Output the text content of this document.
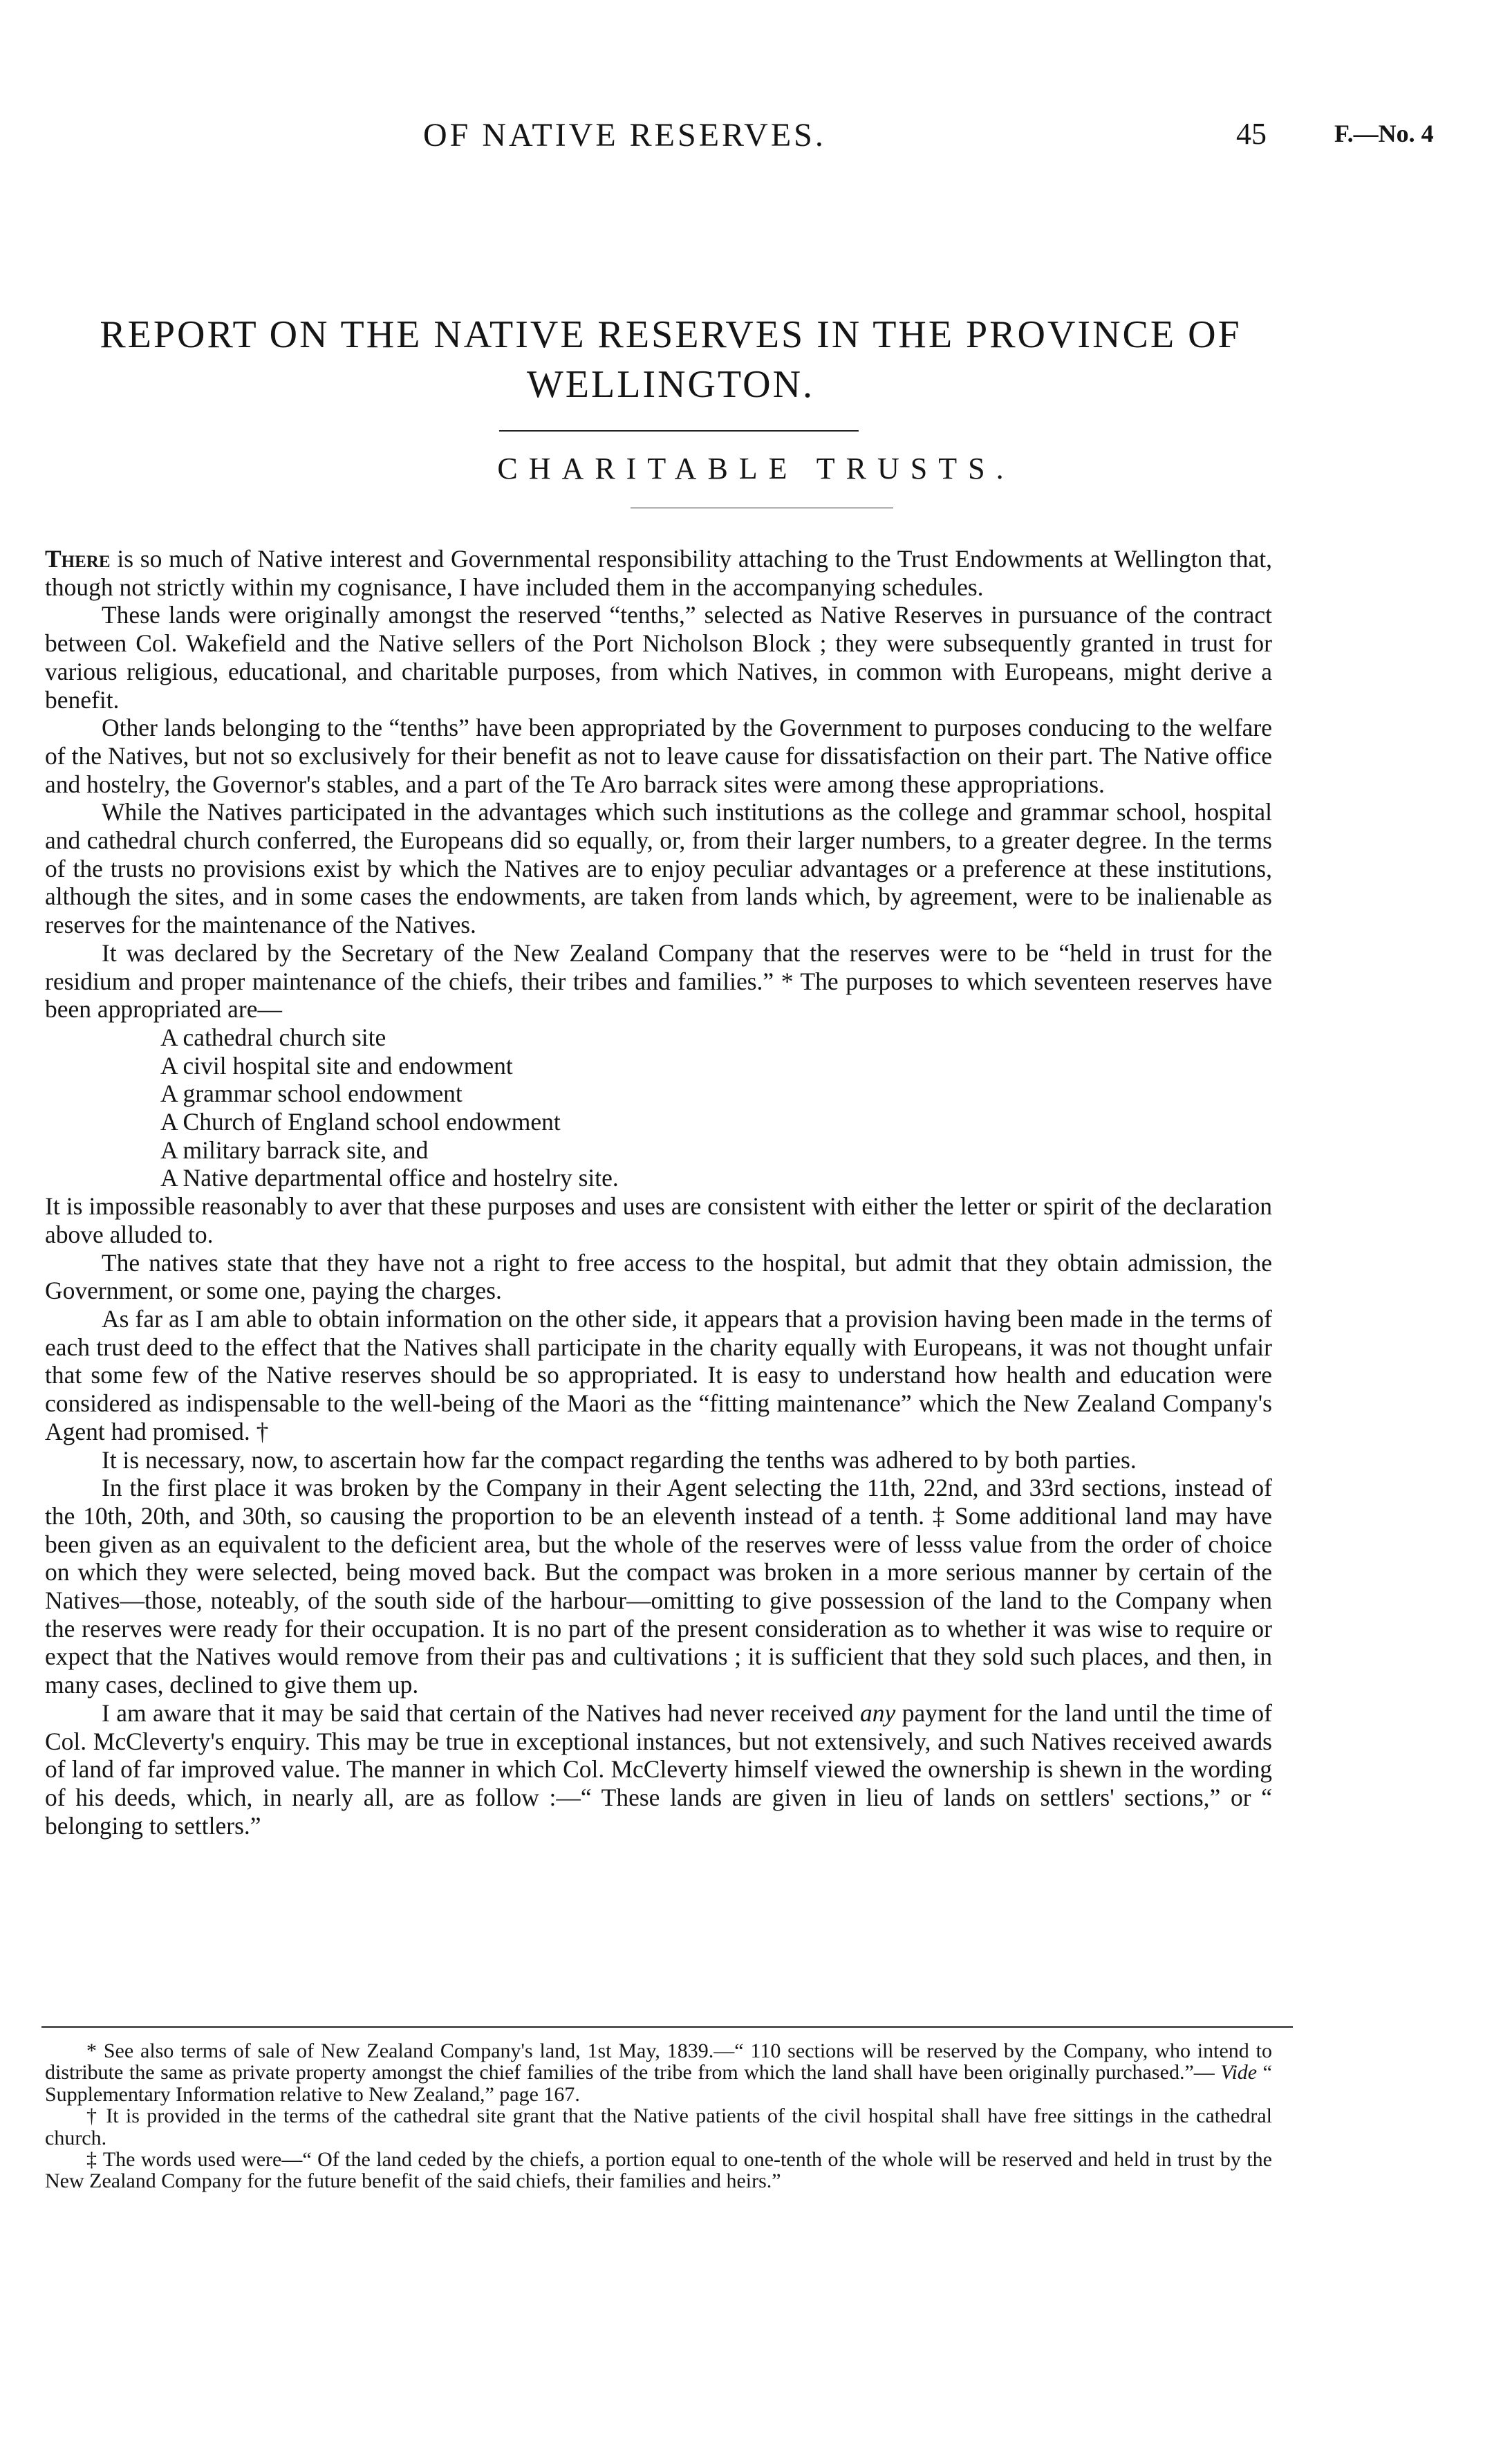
OF NATIVE RESERVES.	45	F.—No. 4
REPORT ON THE NATIVE RESERVES IN THE PROVINCE OF WELLINGTON.
CHARITABLE TRUSTS.

There is so much of Native interest and Governmental responsibility attaching to the Trust Endowments at Wellington that, though not strictly within my cognisance, I have included them in the accompanying schedules.

These lands were originally amongst the reserved “tenths,” selected as Native Reserves in pursuance of the contract between Col. Wakefield and the Native sellers of the Port Nicholson Block ; they were subsequently granted in trust for various religious, educational, and charitable purposes, from which Natives, in common with Europeans, might derive a benefit.

Other lands belonging to the “tenths” have been appropriated by the Government to purposes conducing to the welfare of the Natives, but not so exclusively for their benefit as not to leave cause for dissatisfaction on their part. The Native office and hostelry, the Governor's stables, and a part of the Te Aro barrack sites were among these appropriations.

While the Natives participated in the advantages which such institutions as the college and grammar school, hospital and cathedral church conferred, the Europeans did so equally, or, from their larger numbers, to a greater degree. In the terms of the trusts no provisions exist by which the Natives are to enjoy peculiar advantages or a preference at these institutions, although the sites, and in some cases the endowments, are taken from lands which, by agreement, were to be inalienable as reserves for the maintenance of the Natives.

It was declared by the Secretary of the New Zealand Company that the reserves were to be “held in trust for the residium and proper maintenance of the chiefs, their tribes and families.” * The purposes to which seventeen reserves have been appropriated are—

A cathedral church site
A civil hospital site and endowment
A grammar school endowment
A Church of England school endowment
A military barrack site, and
A Native departmental office and hostelry site.

It is impossible reasonably to aver that these purposes and uses are consistent with either the letter or spirit of the declaration above alluded to.

The natives state that they have not a right to free access to the hospital, but admit that they obtain admission, the Government, or some one, paying the charges.

As far as I am able to obtain information on the other side, it appears that a provision having been made in the terms of each trust deed to the effect that the Natives shall participate in the charity equally with Europeans, it was not thought unfair that some few of the Native reserves should be so appropriated. It is easy to understand how health and education were considered as indispensable to the well-being of the Maori as the “fitting maintenance” which the New Zealand Company's Agent had promised. †

It is necessary, now, to ascertain how far the compact regarding the tenths was adhered to by both parties.

In the first place it was broken by the Company in their Agent selecting the 11th, 22nd, and 33rd sections, instead of the 10th, 20th, and 30th, so causing the proportion to be an eleventh instead of a tenth. ‡ Some additional land may have been given as an equivalent to the deficient area, but the whole of the reserves were of lesss value from the order of choice on which they were selected, being moved back. But the compact was broken in a more serious manner by certain of the Natives—those, noteably, of the south side of the harbour—omitting to give possession of the land to the Company when the reserves were ready for their occupation. It is no part of the present consideration as to whether it was wise to require or expect that the Natives would remove from their pas and cultivations ; it is sufficient that they sold such places, and then, in many cases, declined to give them up.

I am aware that it may be said that certain of the Natives had never received any payment for the land until the time of Col. McCleverty's enquiry. This may be true in exceptional instances, but not extensively, and such Natives received awards of land of far improved value. The manner in which Col. McCleverty himself viewed the ownership is shewn in the wording of his deeds, which, in nearly all, are as follow :—“ These lands are given in lieu of lands on settlers' sections,” or “ belonging to settlers.”

* See also terms of sale of New Zealand Company's land, 1st May, 1839.—“ 110 sections will be reserved by the Company, who intend to distribute the same as private property amongst the chief families of the tribe from which the land shall have been originally purchased.”— Vide “ Supplementary Information relative to New Zealand,” page 167.

† It is provided in the terms of the cathedral site grant that the Native patients of the civil hospital shall have free sittings in the cathedral church.

‡ The words used were—“ Of the land ceded by the chiefs, a portion equal to one-tenth of the whole will be reserved and held in trust by the New Zealand Company for the future benefit of the said chiefs, their families and heirs.”
